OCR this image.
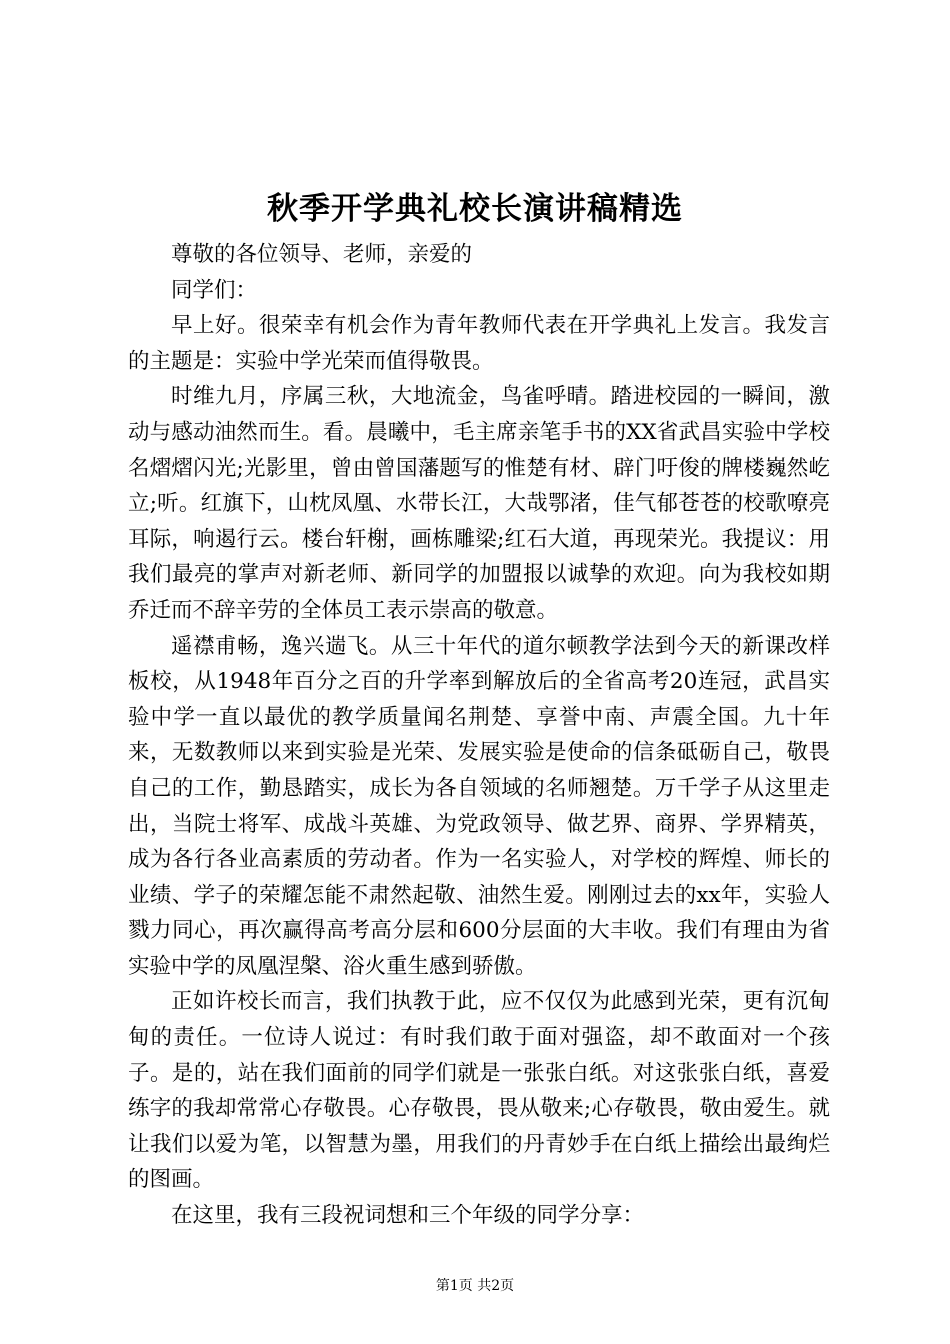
秋季开学典礼校长演讲稿精选

尊敬的各位领导、老师，亲爱的

同学们：

早上好。很荣幸有机会作为青年教师代表在开学典礼上发言。我发言的主题是：实验中学光荣而值得敬畏。

时维九月，序属三秋，大地流金，鸟雀呼晴。踏进校园的一瞬间，激动与感动油然而生。看。晨曦中，毛主席亲笔手书的XX省武昌实验中学校名熠熠闪光;光影里，曾由曾国藩题写的惟楚有材、辟门吁俊的牌楼巍然屹立;听。红旗下，山枕凤凰、水带长江，大哉鄂渚，佳气郁苍苍的校歌嘹亮耳际，响遏行云。楼台轩榭，画栋雕梁;红石大道，再现荣光。我提议：用我们最亮的掌声对新老师、新同学的加盟报以诚挚的欢迎。向为我校如期乔迁而不辞辛劳的全体员工表示崇高的敬意。

遥襟甫畅，逸兴遄飞。从三十年代的道尔顿教学法到今天的新课改样板校，从1948年百分之百的升学率到解放后的全省高考20连冠，武昌实验中学一直以最优的教学质量闻名荆楚、享誉中南、声震全国。九十年来，无数教师以来到实验是光荣、发展实验是使命的信条砥砺自己，敬畏自己的工作，勤恳踏实，成长为各自领域的名师翘楚。万千学子从这里走出，当院士将军、成战斗英雄、为党政领导、做艺界、商界、学界精英，成为各行各业高素质的劳动者。作为一名实验人，对学校的辉煌、师长的业绩、学子的荣耀怎能不肃然起敬、油然生爱。刚刚过去的xx年，实验人戮力同心，再次赢得高考高分层和600分层面的大丰收。我们有理由为省实验中学的凤凰涅槃、浴火重生感到骄傲。

正如许校长而言，我们执教于此，应不仅仅为此感到光荣，更有沉甸甸的责任。一位诗人说过：有时我们敢于面对强盗，却不敢面对一个孩子。是的，站在我们面前的同学们就是一张张白纸。对这张张白纸，喜爱练字的我却常常心存敬畏。心存敬畏，畏从敬来;心存敬畏，敬由爱生。就让我们以爱为笔，以智慧为墨，用我们的丹青妙手在白纸上描绘出最绚烂的图画。

在这里，我有三段祝词想和三个年级的同学分享：

第1页 共2页
